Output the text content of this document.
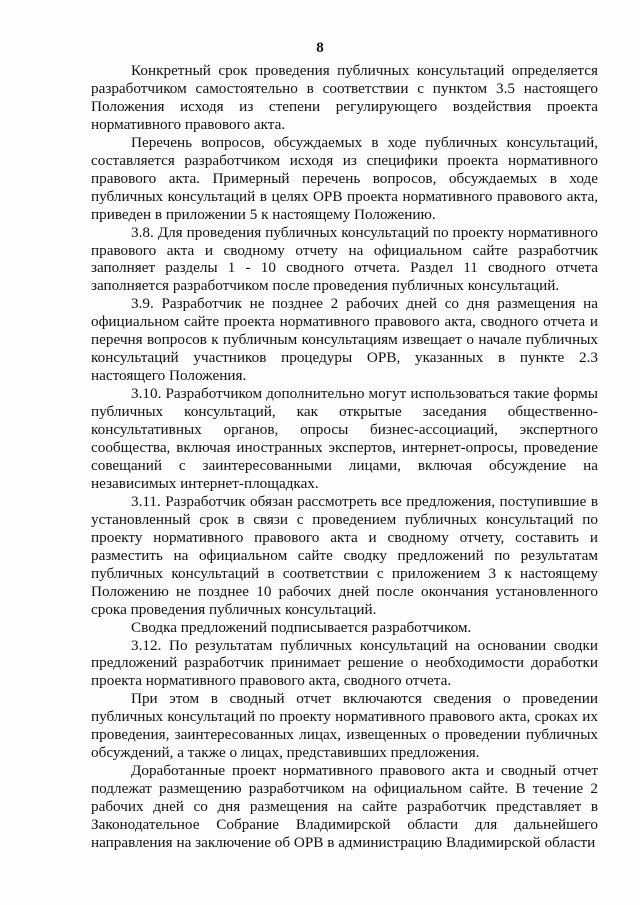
8

Конкретный срок проведения публичных консультаций определяется разработчиком самостоятельно в соответствии с пунктом 3.5 настоящего Положения исходя из степени регулирующего воздействия проекта нормативного правового акта.

Перечень вопросов, обсуждаемых в ходе публичных консультаций, составляется разработчиком исходя из специфики проекта нормативного правового акта. Примерный перечень вопросов, обсуждаемых в ходе публичных консультаций в целях ОРВ проекта нормативного правового акта, приведен в приложении 5 к настоящему Положению.

3.8. Для проведения публичных консультаций по проекту нормативного правового акта и сводному отчету на официальном сайте разработчик заполняет разделы 1 - 10 сводного отчета. Раздел 11 сводного отчета заполняется разработчиком после проведения публичных консультаций.

3.9. Разработчик не позднее 2 рабочих дней со дня размещения на официальном сайте проекта нормативного правового акта, сводного отчета и перечня вопросов к публичным консультациям извещает о начале публичных консультаций участников процедуры ОРВ, указанных в пункте 2.3 настоящего Положения.

3.10. Разработчиком дополнительно могут использоваться такие формы публичных консультаций, как открытые заседания общественно-консультативных органов, опросы бизнес-ассоциаций, экспертного сообщества, включая иностранных экспертов, интернет-опросы, проведение совещаний с заинтересованными лицами, включая обсуждение на независимых интернет-площадках.

3.11. Разработчик обязан рассмотреть все предложения, поступившие в установленный срок в связи с проведением публичных консультаций по проекту нормативного правового акта и сводному отчету, составить и разместить на официальном сайте сводку предложений по результатам публичных консультаций в соответствии с приложением 3 к настоящему Положению не позднее 10 рабочих дней после окончания установленного срока проведения публичных консультаций.

Сводка предложений подписывается разработчиком.

3.12. По результатам публичных консультаций на основании сводки предложений разработчик принимает решение о необходимости доработки проекта нормативного правового акта, сводного отчета.

При этом в сводный отчет включаются сведения о проведении публичных консультаций по проекту нормативного правового акта, сроках их проведения, заинтересованных лицах, извещенных о проведении публичных обсуждений, а также о лицах, представивших предложения.

Доработанные проект нормативного правового акта и сводный отчет подлежат размещению разработчиком на официальном сайте. В течение 2 рабочих дней со дня размещения на сайте разработчик представляет в Законодательное Собрание Владимирской области для дальнейшего направления на заключение об ОРВ в администрацию Владимирской области
